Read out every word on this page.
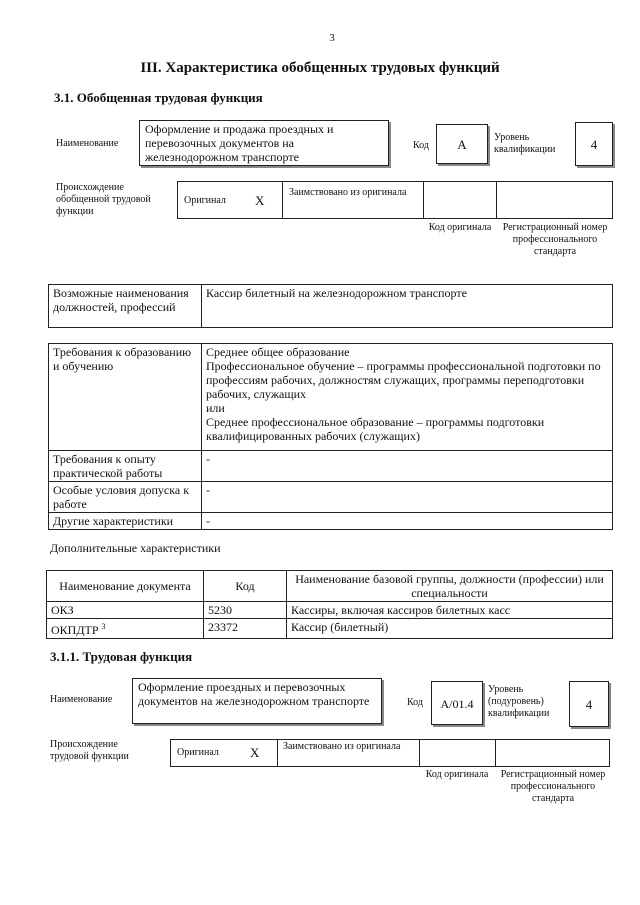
3
III. Характеристика обобщенных трудовых функций
3.1. Обобщенная трудовая функция
Наименование
Оформление и продажа проездных и перевозочных документов на железнодорожном транспорте
Код	А	Уровень квалификации	4
Происхождение обобщенной трудовой функции
Оригинал X
Заимствовано из оригинала
Код оригинала	Регистрационный номер профессионального стандарта
Возможные наименования должностей, профессий	Кассир билетный на железнодорожном транспорте
Требования к образованию и обучению	Среднее общее образование
Профессиональное обучение – программы профессиональной подготовки по профессиям рабочих, должностям служащих, программы переподготовки рабочих, служащих
или
Среднее профессиональное образование – программы подготовки квалифицированных рабочих (служащих)
Требования к опыту практической работы	-
Особые условия допуска к работе	-
Другие характеристики	-
Дополнительные характеристики
Наименование документа	Код	Наименование базовой группы, должности (профессии) или специальности
ОКЗ	5230	Кассиры, включая кассиров билетных касс
ОКПДТР $^3$	23372	Кассир (билетный)
3.1.1. Трудовая функция
Наименование
Оформление проездных и перевозочных документов на железнодорожном транспорте	Код	А/01.4
Уровень (подуровень) квалификации
4
Происхождение трудовой функции	Оригинал X Заимствовано из оригинала
Код оригинала	Регистрационный номер профессионального стандарта
